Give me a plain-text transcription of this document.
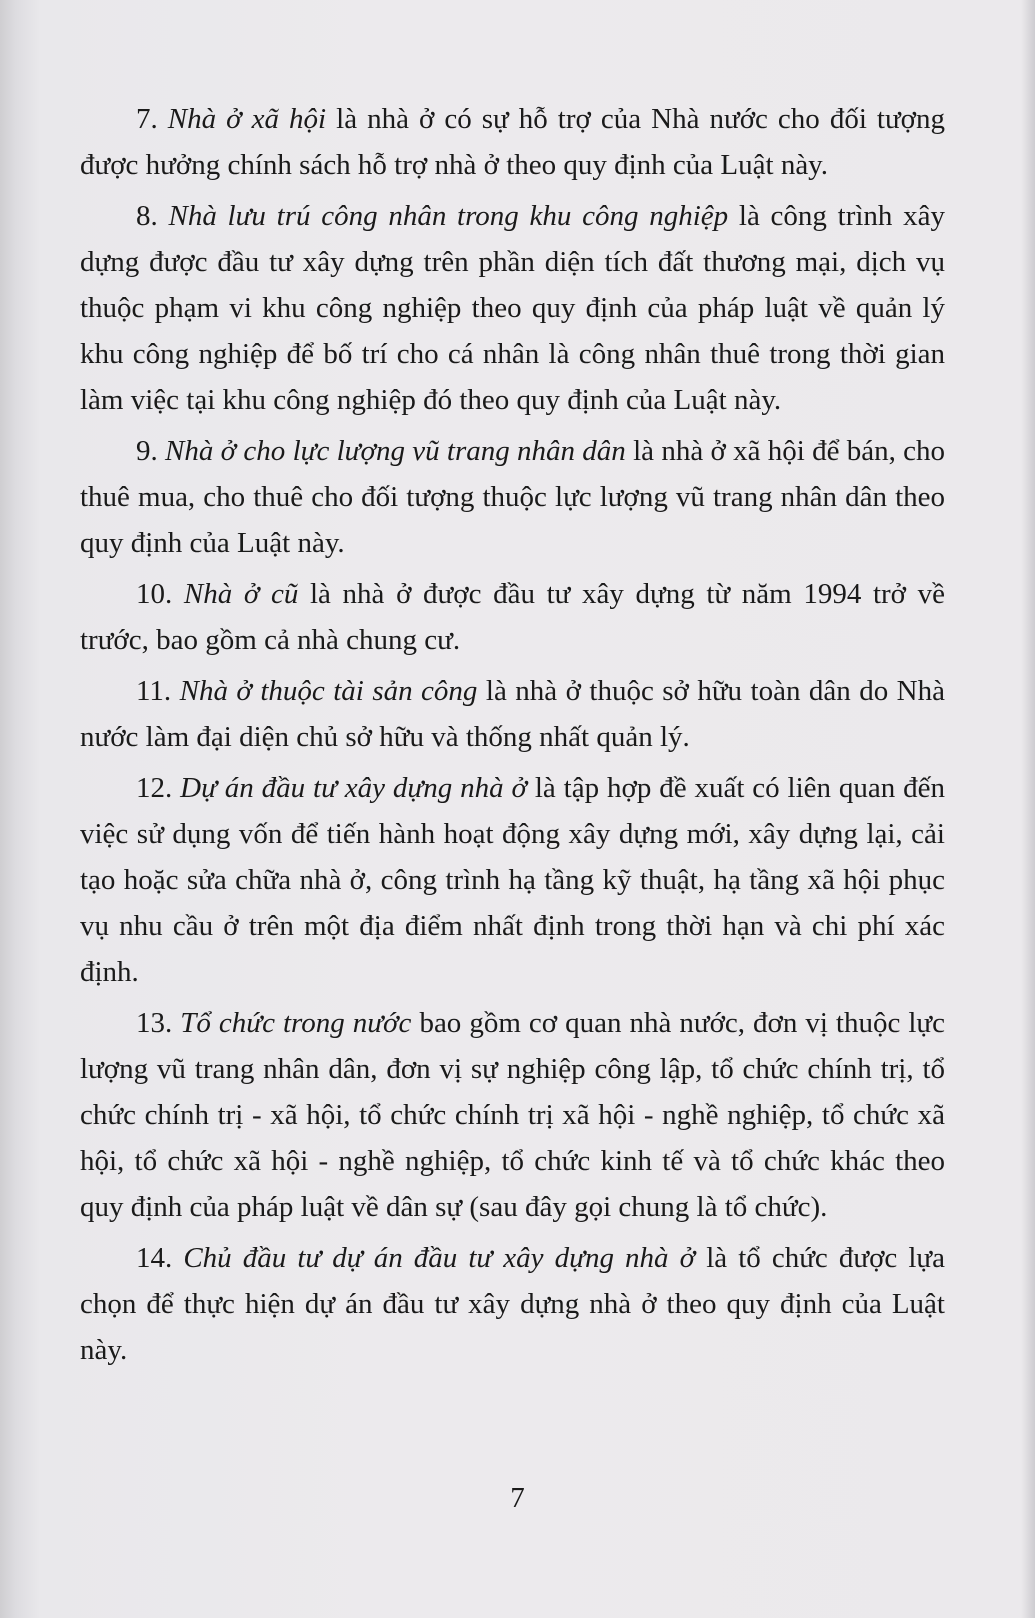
7. Nhà ở xã hội là nhà ở có sự hỗ trợ của Nhà nước cho đối tượng được hưởng chính sách hỗ trợ nhà ở theo quy định của Luật này.

8. Nhà lưu trú công nhân trong khu công nghiệp là công trình xây dựng được đầu tư xây dựng trên phần diện tích đất thương mại, dịch vụ thuộc phạm vi khu công nghiệp theo quy định của pháp luật về quản lý khu công nghiệp để bố trí cho cá nhân là công nhân thuê trong thời gian làm việc tại khu công nghiệp đó theo quy định của Luật này.

9. Nhà ở cho lực lượng vũ trang nhân dân là nhà ở xã hội để bán, cho thuê mua, cho thuê cho đối tượng thuộc lực lượng vũ trang nhân dân theo quy định của Luật này.

10. Nhà ở cũ là nhà ở được đầu tư xây dựng từ năm 1994 trở về trước, bao gồm cả nhà chung cư.

11. Nhà ở thuộc tài sản công là nhà ở thuộc sở hữu toàn dân do Nhà nước làm đại diện chủ sở hữu và thống nhất quản lý.

12. Dự án đầu tư xây dựng nhà ở là tập hợp đề xuất có liên quan đến việc sử dụng vốn để tiến hành hoạt động xây dựng mới, xây dựng lại, cải tạo hoặc sửa chữa nhà ở, công trình hạ tầng kỹ thuật, hạ tầng xã hội phục vụ nhu cầu ở trên một địa điểm nhất định trong thời hạn và chi phí xác định.

13. Tổ chức trong nước bao gồm cơ quan nhà nước, đơn vị thuộc lực lượng vũ trang nhân dân, đơn vị sự nghiệp công lập, tổ chức chính trị, tổ chức chính trị - xã hội, tổ chức chính trị xã hội - nghề nghiệp, tổ chức xã hội, tổ chức xã hội - nghề nghiệp, tổ chức kinh tế và tổ chức khác theo quy định của pháp luật về dân sự (sau đây gọi chung là tổ chức).

14. Chủ đầu tư dự án đầu tư xây dựng nhà ở là tổ chức được lựa chọn để thực hiện dự án đầu tư xây dựng nhà ở theo quy định của Luật này.

7
